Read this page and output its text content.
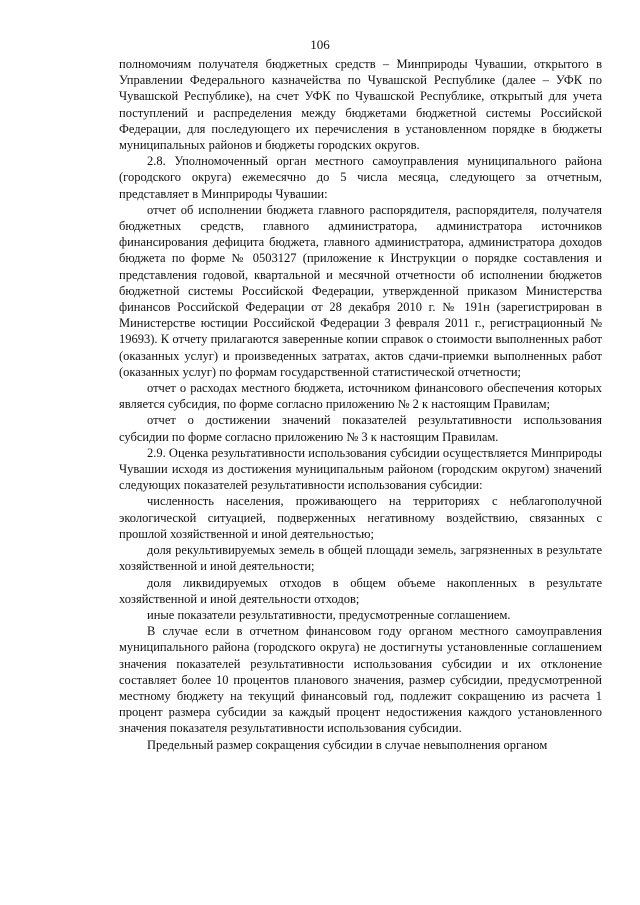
106

полномочиям получателя бюджетных средств – Минприроды Чувашии, открытого в Управлении Федерального казначейства по Чувашской Республике (далее – УФК по Чувашской Республике), на счет УФК по Чувашской Республике, открытый для учета поступлений и распределения между бюджетами бюджетной системы Российской Федерации, для последующего их перечисления в установленном порядке в бюджеты муниципальных районов и бюджеты городских округов.

2.8. Уполномоченный орган местного самоуправления муниципального района (городского округа) ежемесячно до 5 числа месяца, следующего за отчетным, представляет в Минприроды Чувашии:

отчет об исполнении бюджета главного распорядителя, распорядителя, получателя бюджетных средств, главного администратора, администратора источников финансирования дефицита бюджета, главного администратора, администратора доходов бюджета по форме № 0503127 (приложение к Инструкции о порядке составления и представления годовой, квартальной и месячной отчетности об исполнении бюджетов бюджетной системы Российской Федерации, утвержденной приказом Министерства финансов Российской Федерации от 28 декабря 2010 г. № 191н (зарегистрирован в Министерстве юстиции Российской Федерации 3 февраля 2011 г., регистрационный № 19693). К отчету прилагаются заверенные копии справок о стоимости выполненных работ (оказанных услуг) и произведенных затратах, актов сдачи-приемки выполненных работ (оказанных услуг) по формам государственной статистической отчетности;

отчет о расходах местного бюджета, источником финансового обеспечения которых является субсидия, по форме согласно приложению № 2 к настоящим Правилам;

отчет о достижении значений показателей результативности использования субсидии по форме согласно приложению № 3 к настоящим Правилам.

2.9. Оценка результативности использования субсидии осуществляется Минприроды Чувашии исходя из достижения муниципальным районом (городским округом) значений следующих показателей результативности использования субсидии:

численность населения, проживающего на территориях с неблагополучной экологической ситуацией, подверженных негативному воздействию, связанных с прошлой хозяйственной и иной деятельностью;

доля рекультивируемых земель в общей площади земель, загрязненных в результате хозяйственной и иной деятельности;

доля ликвидируемых отходов в общем объеме накопленных в результате хозяйственной и иной деятельности отходов;

иные показатели результативности, предусмотренные соглашением.

В случае если в отчетном финансовом году органом местного самоуправления муниципального района (городского округа) не достигнуты установленные соглашением значения показателей результативности использования субсидии и их отклонение составляет более 10 процентов планового значения, размер субсидии, предусмотренной местному бюджету на текущий финансовый год, подлежит сокращению из расчета 1 процент размера субсидии за каждый процент недостижения каждого установленного значения показателя результативности использования субсидии.

Предельный размер сокращения субсидии в случае невыполнения органом
